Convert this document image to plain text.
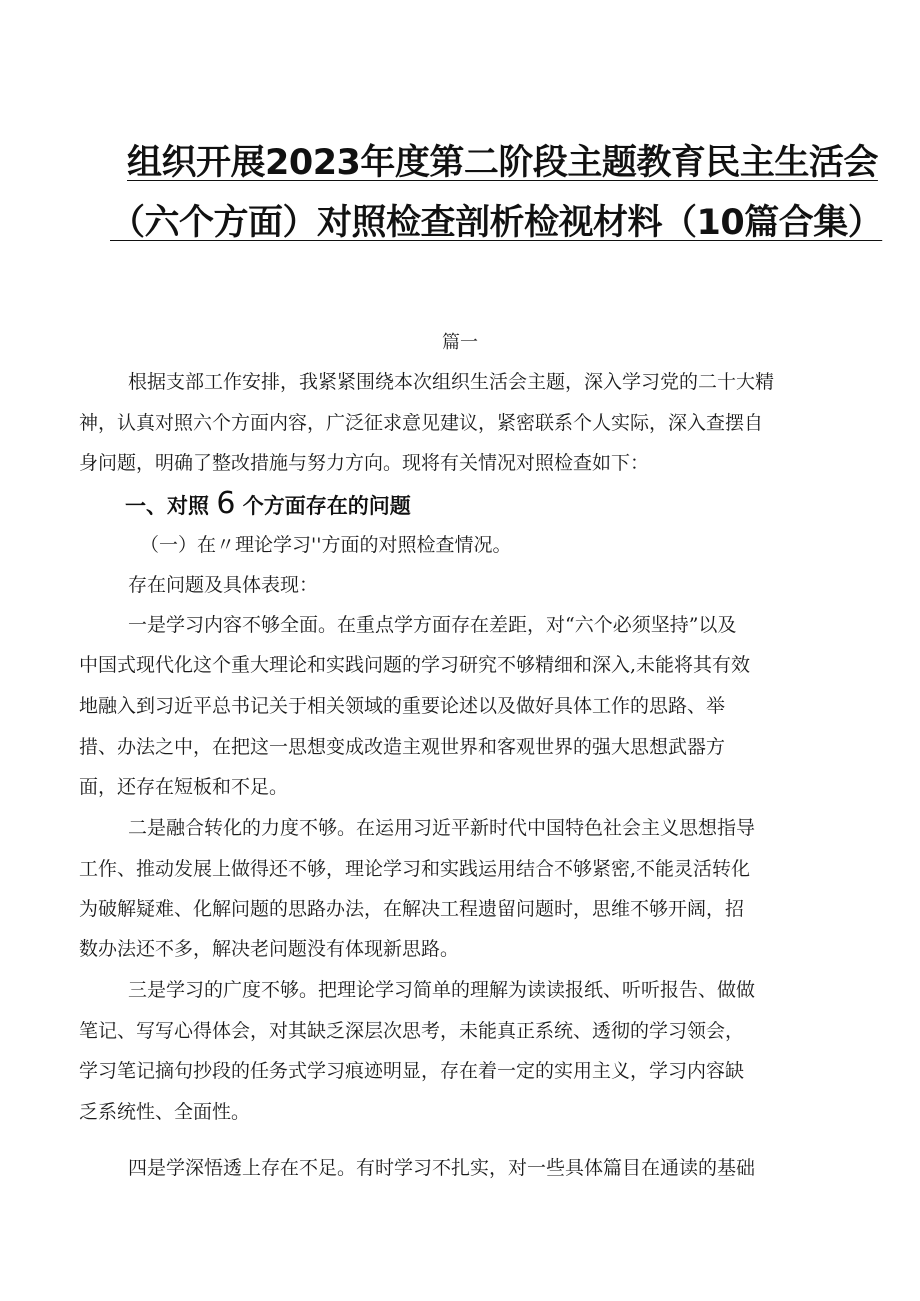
组织开展2023年度第二阶段主题教育民主生活会
（六个方面）对照检查剖析检视材料（10篇合集）
篇一
根据支部工作安排，我紧紧围绕本次组织生活会主题，深入学习党的二十大精
神，认真对照六个方面内容，广泛征求意见建议，紧密联系个人实际，深入查摆自
身问题，明确了整改措施与努力方向。现将有关情况对照检查如下：
一、对照 6 个方面存在的问题
（一）在〃理论学习''方面的对照检查情况。
存在问题及具体表现：
一是学习内容不够全面。在重点学方面存在差距，对“六个必须坚持”以及
中国式现代化这个重大理论和实践问题的学习研究不够精细和深入,未能将其有效
地融入到习近平总书记关于相关领域的重要论述以及做好具体工作的思路、举
措、办法之中，在把这一思想变成改造主观世界和客观世界的强大思想武器方
面，还存在短板和不足。
二是融合转化的力度不够。在运用习近平新时代中国特色社会主义思想指导
工作、推动发展上做得还不够，理论学习和实践运用结合不够紧密,不能灵活转化
为破解疑难、化解问题的思路办法，在解决工程遗留问题时，思维不够开阔，招
数办法还不多，解决老问题没有体现新思路。
三是学习的广度不够。把理论学习简单的理解为读读报纸、听听报告、做做
笔记、写写心得体会，对其缺乏深层次思考，未能真正系统、透彻的学习领会，
学习笔记摘句抄段的任务式学习痕迹明显，存在着一定的实用主义，学习内容缺
乏系统性、全面性。
四是学深悟透上存在不足。有时学习不扎实，对一些具体篇目在通读的基础
